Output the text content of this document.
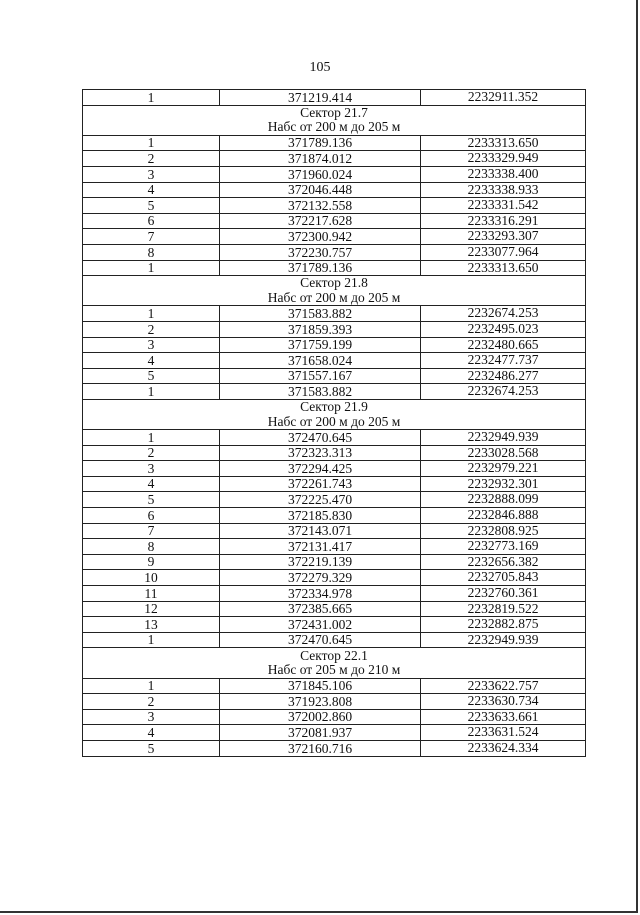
105
1	371219.414	2232911.352
Сектор 21.7		
Набс от 200 м до 205 м		
1	371789.136	2233313.650
2	371874.012	2233329.949
3	371960.024	2233338.400
4	372046.448	2233338.933
5	372132.558	2233331.542
6	372217.628	2233316.291
7	372300.942	2233293.307
8	372230.757	2233077.964
1	371789.136	2233313.650
Сектор 21.8		
Набс от 200 м до 205 м		
1	371583.882	2232674.253
2	371859.393	2232495.023
3	371759.199	2232480.665
4	371658.024	2232477.737
5	371557.167	2232486.277
1	371583.882	2232674.253
Сектор 21.9		
Набс от 200 м до 205 м		
1	372470.645	2232949.939
2	372323.313	2233028.568
3	372294.425	2232979.221
4	372261.743	2232932.301
5	372225.470	2232888.099
6	372185.830	2232846.888
7	372143.071	2232808.925
8	372131.417	2232773.169
9	372219.139	2232656.382
10	372279.329	2232705.843
11	372334.978	2232760.361
12	372385.665	2232819.522
13	372431.002	2232882.875
1	372470.645	2232949.939
Сектор 22.1		
Набс от 205 м до 210 м		
1	371845.106	2233622.757
2	371923.808	2233630.734
3	372002.860	2233633.661
4	372081.937	2233631.524
5	372160.716	2233624.334
